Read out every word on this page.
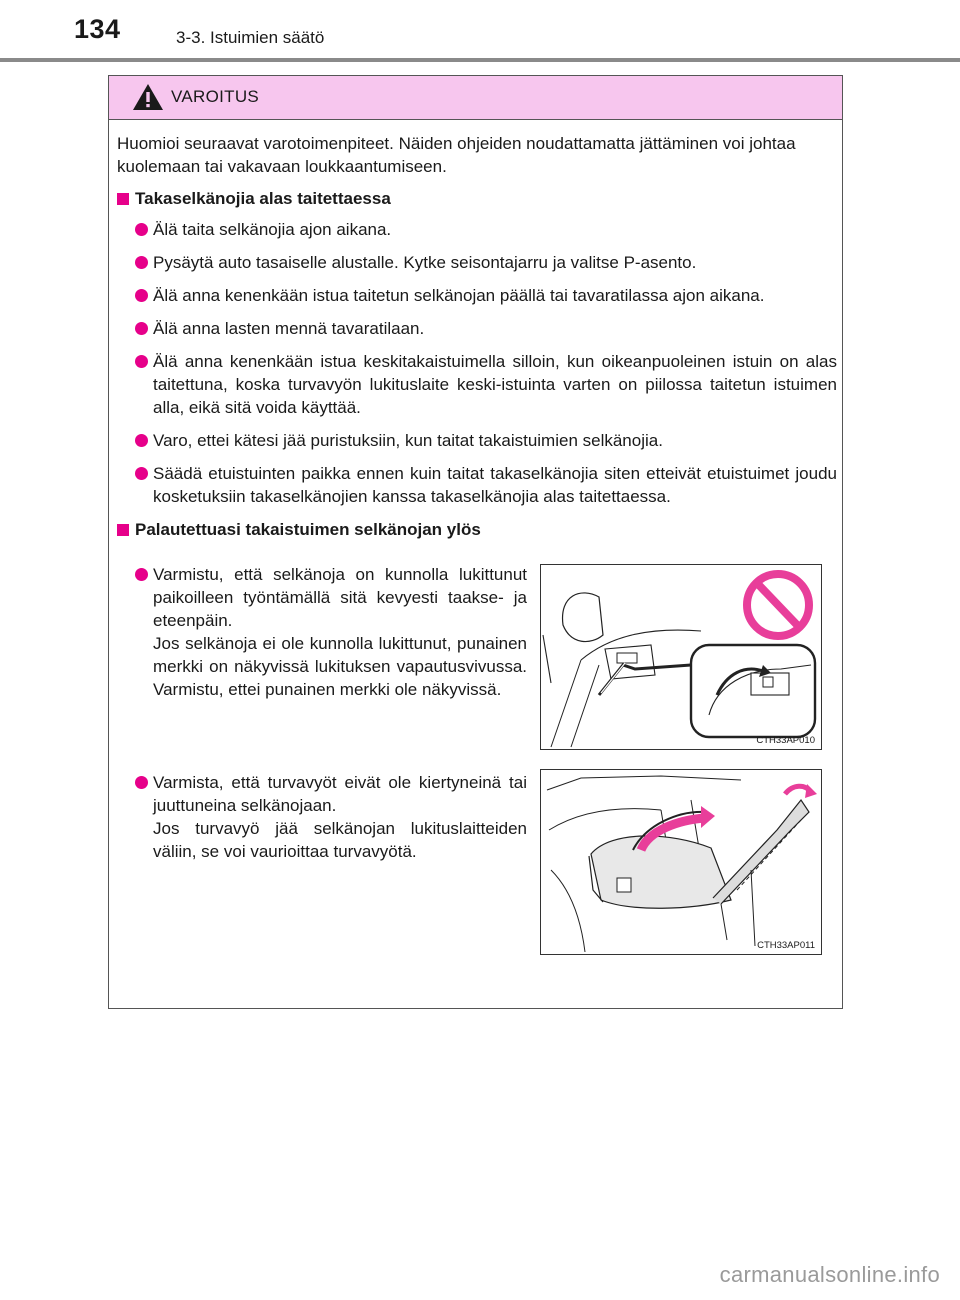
134	3-3. Istuimien säätö
VAROITUS

Huomioi seuraavat varotoimenpiteet. Näiden ohjeiden noudattamatta jättäminen voi johtaa kuolemaan tai vakavaan loukkaantumiseen.

Takaselkänojia alas taitettaessa
Älä taita selkänojia ajon aikana.
Pysäytä auto tasaiselle alustalle. Kytke seisontajarru ja valitse P-asento.
Älä anna kenenkään istua taitetun selkänojan päällä tai tavaratilassa ajon aikana.
Älä anna lasten mennä tavaratilaan.
Älä anna kenenkään istua keskitakaistuimella silloin, kun oikeanpuoleinen istuin on alas taitettuna, koska turvavyön lukituslaite keski-istuinta varten on piilossa taitetun istuimen alla, eikä sitä voida käyttää.
Varo, ettei kätesi jää puristuksiin, kun taitat takaistuimien selkänojia.
Säädä etuistuinten paikka ennen kuin taitat takaselkänojia siten etteivät etuistuimet joudu kosketuksiin takaselkänojien kanssa takaselkänojia alas taitettaessa.
Palautettuasi takaistuimen selkänojan ylös
Varmistu, että selkänoja on kunnolla lukittunut paikoilleen työntämällä sitä kevyesti taakse- ja eteenpäin.
Jos selkänoja ei ole kunnolla lukittunut, punainen merkki on näkyvissä lukituksen vapautusvivussa. Varmistu, ettei punainen merkki ole näkyvissä.
CTH33AP010
Varmista, että turvavyöt eivät ole kiertyneinä tai juuttuneina selkänojaan.
Jos turvavyö jää selkänojan lukituslaitteiden väliin, se voi vaurioittaa turvavyötä.
CTH33AP011
carmanualsonline.info
